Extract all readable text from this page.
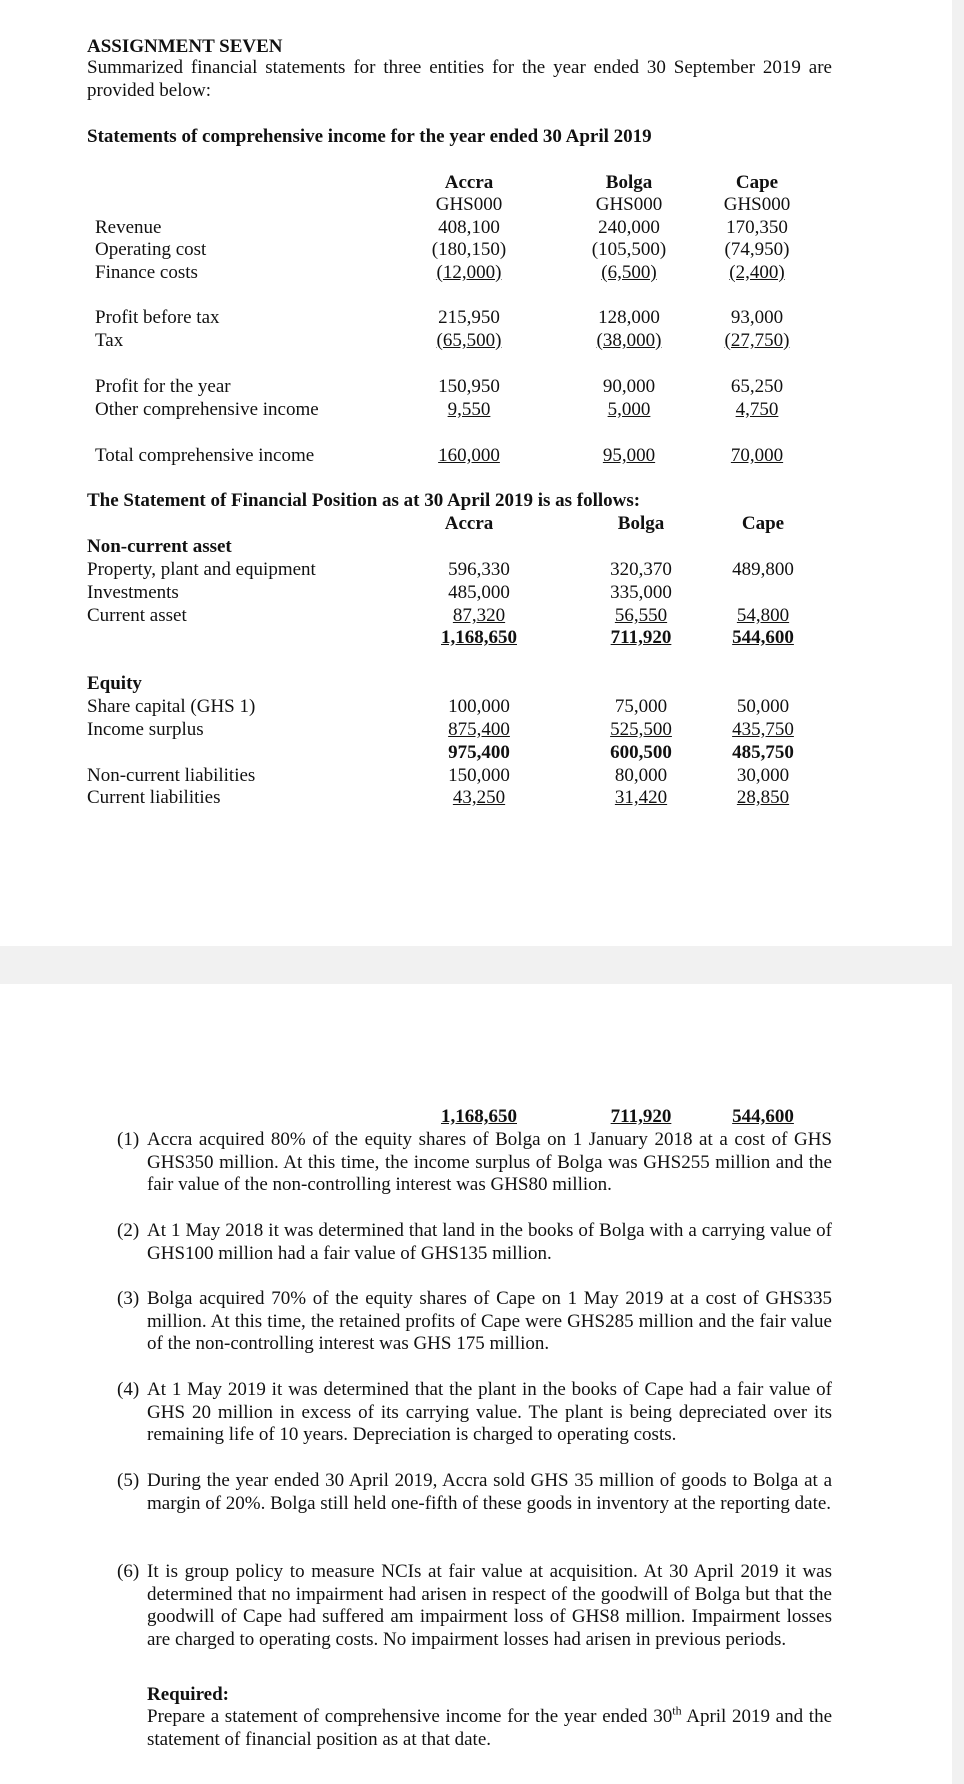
ASSIGNMENT SEVEN
Summarized financial statements for three entities for the year ended 30 September 2019 are provided below:
Statements of comprehensive income for the year ended 30 April 2019
Accra	Bolga	Cape
GHS000	GHS000	GHS000
Revenue	408,100	240,000	170,350
Operating cost	(180,150)	(105,500)	(74,950)
Finance costs	(12,000)	(6,500)	(2,400)
Profit before tax	215,950	128,000	93,000
Tax	(65,500)	(38,000)	(27,750)
Profit for the year	150,950	90,000	65,250
Other comprehensive income	9,550	5,000	4,750
Total comprehensive income	160,000	95,000	70,000
The Statement of Financial Position as at 30 April 2019 is as follows:
Accra	Bolga	Cape
Non-current asset
Property, plant and equipment	596,330	320,370	489,800
Investments	485,000	335,000
Current asset	87,320	56,550	54,800
1,168,650	711,920	544,600
Equity
Share capital (GHS 1)	100,000	75,000	50,000
Income surplus	875,400	525,500	435,750
975,400	600,500	485,750
Non-current liabilities	150,000	80,000	30,000
Current liabilities	43,250	31,420	28,850
1,168,650	711,920	544,600
(1) Accra acquired 80% of the equity shares of Bolga on 1 January 2018 at a cost of GHS GHS350 million. At this time, the income surplus of Bolga was GHS255 million and the fair value of the non-controlling interest was GHS80 million.
(2) At 1 May 2018 it was determined that land in the books of Bolga with a carrying value of GHS100 million had a fair value of GHS135 million.
(3) Bolga acquired 70% of the equity shares of Cape on 1 May 2019 at a cost of GHS335 million. At this time, the retained profits of Cape were GHS285 million and the fair value of the non-controlling interest was GHS 175 million.
(4) At 1 May 2019 it was determined that the plant in the books of Cape had a fair value of GHS 20 million in excess of its carrying value. The plant is being depreciated over its remaining life of 10 years. Depreciation is charged to operating costs.
(5) During the year ended 30 April 2019, Accra sold GHS 35 million of goods to Bolga at a margin of 20%. Bolga still held one-fifth of these goods in inventory at the reporting date.
(6) It is group policy to measure NCIs at fair value at acquisition. At 30 April 2019 it was determined that no impairment had arisen in respect of the goodwill of Bolga but that the goodwill of Cape had suffered am impairment loss of GHS8 million. Impairment losses are charged to operating costs. No impairment losses had arisen in previous periods.
Required:
Prepare a statement of comprehensive income for the year ended 30th April 2019 and the statement of financial position as at that date.
